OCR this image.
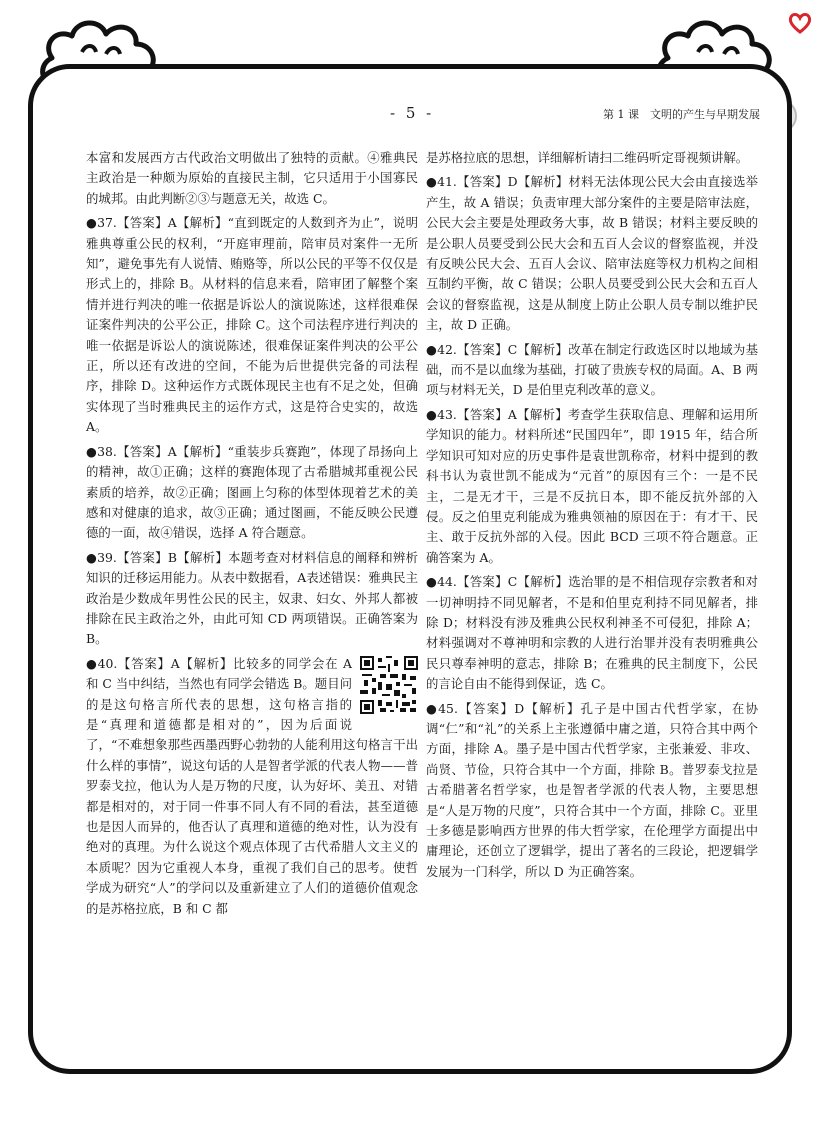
- 5 -	第 1 课　文明的产生与早期发展

本富和发展西方古代政治文明做出了独特的贡献。④雅典民主政治是一种颇为原始的直接民主制，它只适用于小国寡民的城邦。由此判断②③与题意无关，故选 C。

●37.【答案】A【解析】“直到既定的人数到齐为止”，说明雅典尊重公民的权利，“开庭审理前，陪审员对案件一无所知”，避免事先有人说情、贿赂等，所以公民的平等不仅仅是形式上的，排除 B。从材料的信息来看，陪审团了解整个案情并进行判决的唯一依据是诉讼人的演说陈述，这样很难保证案件判决的公平公正，排除 C。这个司法程序进行判决的唯一依据是诉讼人的演说陈述，很难保证案件判决的公平公正，所以还有改进的空间，不能为后世提供完备的司法程序，排除 D。这种运作方式既体现民主也有不足之处，但确实体现了当时雅典民主的运作方式，这是符合史实的，故选 A。

●38.【答案】A【解析】“重装步兵赛跑”，体现了昂扬向上的精神，故①正确；这样的赛跑体现了古希腊城邦重视公民素质的培养，故②正确；图画上匀称的体型体现着艺术的美感和对健康的追求，故③正确；通过图画，不能反映公民遵德的一面，故④错误，选择 A 符合题意。

●39.【答案】B【解析】本题考查对材料信息的阐释和辨析知识的迁移运用能力。从表中数据看，A表述错误：雅典民主政治是少数成年男性公民的民主，奴隶、妇女、外邦人都被排除在民主政治之外，由此可知 CD 两项错误。正确答案为 B。

●40.【答案】A【解析】比较多的同学会在 A 和 C 当中纠结，当然也有同学会错选 B。题目问的是这句格言所代表的思想，这句格言指的是“真理和道德都是相对的”，因为后面说了，“不难想象那些西墨西野心勃勃的人能利用这句格言干出什么样的事情”，说这句话的人是智者学派的代表人物——普罗泰戈拉，他认为人是万物的尺度，认为好坏、美丑、对错都是相对的，对于同一件事不同人有不同的看法，甚至道德也是因人而异的，他否认了真理和道德的绝对性，认为没有绝对的真理。为什么说这个观点体现了古代希腊人文主义的本质呢？因为它重视人本身，重视了我们自己的思考。使哲学成为研究“人”的学问以及重新建立了人们的道德价值观念的是苏格拉底，B 和 C 都

是苏格拉底的思想，详细解析请扫二维码听定哥视频讲解。

●41.【答案】D【解析】材料无法体现公民大会由直接选举产生，故 A 错误；负责审理大部分案件的主要是陪审法庭，公民大会主要是处理政务大事，故 B 错误；材料主要反映的是公职人员要受到公民大会和五百人会议的督察监视，并没有反映公民大会、五百人会议、陪审法庭等权力机构之间相互制约平衡，故 C 错误；公职人员要受到公民大会和五百人会议的督察监视，这是从制度上防止公职人员专制以维护民主，故 D 正确。

●42.【答案】C【解析】改革在制定行政选区时以地域为基础，而不是以血缘为基础，打破了贵族专权的局面。A、B 两项与材料无关，D 是伯里克利改革的意义。

●43.【答案】A【解析】考查学生获取信息、理解和运用所学知识的能力。材料所述“民国四年”，即 1915 年，结合所学知识可知对应的历史事件是袁世凯称帝，材料中提到的教科书认为袁世凯不能成为“元首”的原因有三个：一是不民主，二是无才干，三是不反抗日本，即不能反抗外部的入侵。反之伯里克利能成为雅典领袖的原因在于：有才干、民主、敢于反抗外部的入侵。因此 BCD 三项不符合题意。正确答案为 A。

●44.【答案】C【解析】选治罪的是不相信现存宗教者和对一切神明持不同见解者，不是和伯里克利持不同见解者，排除 D；材料没有涉及雅典公民权利神圣不可侵犯，排除 A；材料强调对不尊神明和宗教的人进行治罪并没有表明雅典公民只尊奉神明的意志，排除 B；在雅典的民主制度下，公民的言论自由不能得到保证，选 C。

●45.【答案】D【解析】孔子是中国古代哲学家，在协调“仁”和“礼”的关系上主张遵循中庸之道，只符合其中两个方面，排除 A。墨子是中国古代哲学家，主张兼爱、非攻、尚贤、节俭，只符合其中一个方面，排除 B。普罗泰戈拉是古希腊著名哲学家，也是智者学派的代表人物，主要思想是“人是万物的尺度”，只符合其中一个方面，排除 C。亚里士多德是影响西方世界的伟大哲学家，在伦理学方面提出中庸理论，还创立了逻辑学，提出了著名的三段论，把逻辑学发展为一门科学，所以 D 为正确答案。
